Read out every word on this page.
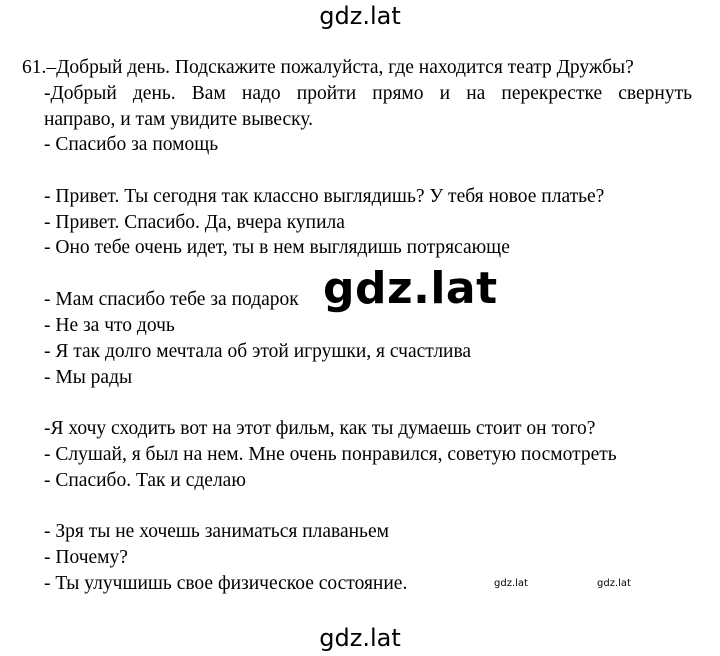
gdz.lat
61.–Добрый день. Подскажите пожалуйста, где находится театр Дружбы?
-Добрый день. Вам надо пройти прямо и на перекрестке свернуть
направо, и там увидите вывеску.
- Спасибо за помощь
- Привет. Ты сегодня так классно выглядишь? У тебя новое платье?
- Привет. Спасибо. Да, вчера купила
- Оно тебе очень идет, ты в нем выглядишь потрясающе
- Мам спасибо тебе за подарок
- Не за что дочь
- Я так долго мечтала об этой игрушки, я счастлива
- Мы рады
-Я хочу сходить вот на этот фильм, как ты думаешь стоит он того?
- Слушай, я был на нем. Мне очень понравился, советую посмотреть
- Спасибо. Так и сделаю
- Зря ты не хочешь заниматься плаваньем
- Почему?
- Ты улучшишь свое физическое состояние.
gdz.lat
gdz.lat	gdz.lat
gdz.lat
